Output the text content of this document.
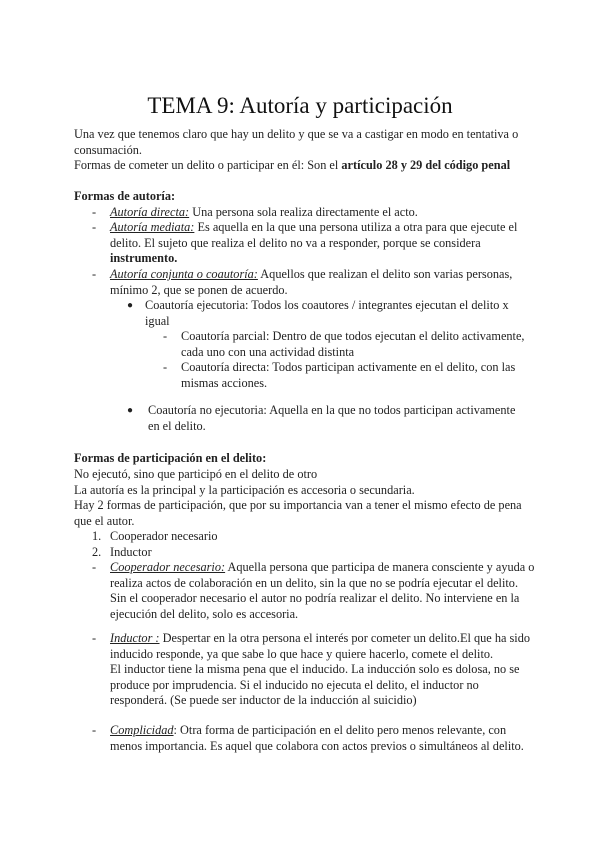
TEMA 9: Autoría y participación
Una vez que tenemos claro que hay un delito y que se va a castigar en modo en tentativa o
consumación.
Formas de cometer un delito o participar en él: Son el artículo 28 y 29 del código penal
Formas de autoría:
- Autoría directa: Una persona sola realiza directamente el acto.
- Autoría mediata: Es aquella en la que una persona utiliza a otra para que ejecute el
delito. El sujeto que realiza el delito no va a responder, porque se considera
instrumento.
- Autoría conjunta o coautoría: Aquellos que realizan el delito son varias personas,
mínimo 2, que se ponen de acuerdo.
● Coautoría ejecutoria: Todos los coautores / integrantes ejecutan el delito x
igual
- Coautoría parcial: Dentro de que todos ejecutan el delito activamente,
cada uno con una actividad distinta
- Coautoría directa: Todos participan activamente en el delito, con las
mismas acciones.
● Coautoría no ejecutoria: Aquella en la que no todos participan activamente
en el delito.
Formas de participación en el delito:
No ejecutó, sino que participó en el delito de otro
La autoría es la principal y la participación es accesoria o secundaria.
Hay 2 formas de participación, que por su importancia van a tener el mismo efecto de pena
que el autor.
1. Cooperador necesario
2. Inductor
- Cooperador necesario: Aquella persona que participa de manera consciente y ayuda o
realiza actos de colaboración en un delito, sin la que no se podría ejecutar el delito.
Sin el cooperador necesario el autor no podría realizar el delito. No interviene en la
ejecución del delito, solo es accesoria.
- Inductor : Despertar en la otra persona el interés por cometer un delito.El que ha sido
inducido responde, ya que sabe lo que hace y quiere hacerlo, comete el delito.
El inductor tiene la misma pena que el inducido. La inducción solo es dolosa, no se
produce por imprudencia. Si el inducido no ejecuta el delito, el inductor no
responderá. (Se puede ser inductor de la inducción al suicidio)
- Complicidad: Otra forma de participación en el delito pero menos relevante, con
menos importancia. Es aquel que colabora con actos previos o simultáneos al delito.
